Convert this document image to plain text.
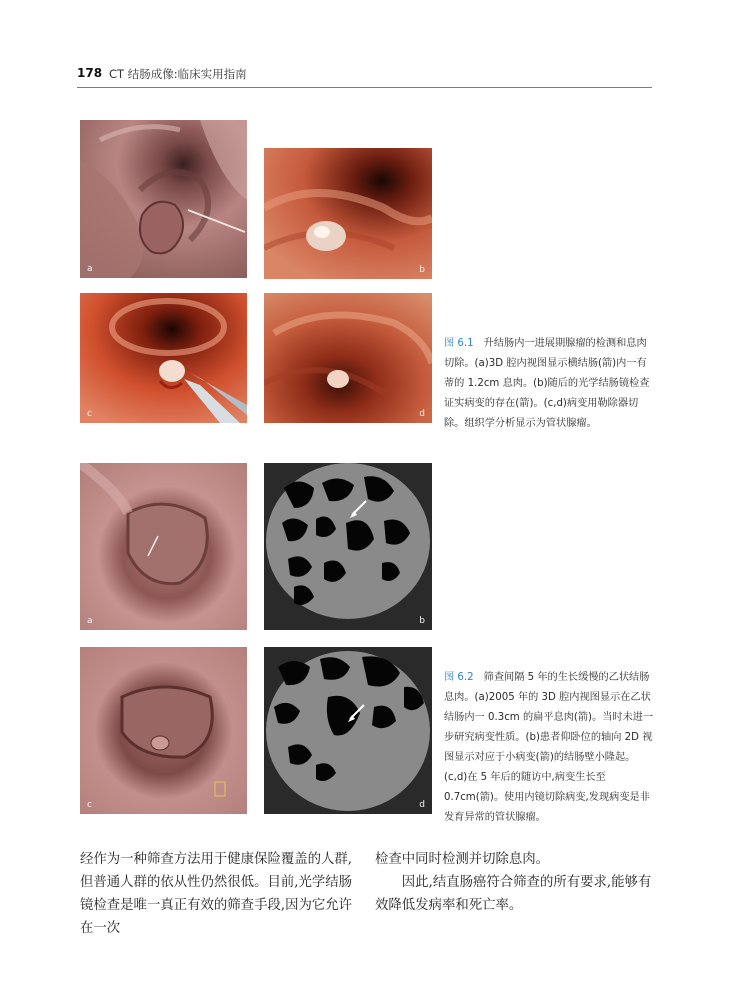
178 CT 结肠成像:临床实用指南
a	b
c	d
图 6.1 升结肠内一进展期腺瘤的检测和息肉切除。(a)3D 腔内视图显示横结肠(箭)内一有蒂的 1.2cm 息肉。(b)随后的光学结肠镜检查证实病变的存在(箭)。(c,d)病变用勒除器切除。组织学分析显示为管状腺瘤。
a	b
c	d
图 6.2 筛查间隔 5 年的生长缓慢的乙状结肠息肉。(a)2005 年的 3D 腔内视图显示在乙状结肠内一 0.3cm 的扁平息肉(箭)。当时未进一步研究病变性质。(b)患者仰卧位的轴向 2D 视图显示对应于小病变(箭)的结肠壁小隆起。(c,d)在 5 年后的随访中,病变生长至 0.7cm(箭)。使用内镜切除病变,发现病变是非发育异常的管状腺瘤。

经作为一种筛查方法用于健康保险覆盖的人群,但普通人群的依从性仍然很低。目前,光学结肠镜检查是唯一真正有效的筛查手段,因为它允许在一次

检查中同时检测并切除息肉。

因此,结直肠癌符合筛查的所有要求,能够有效降低发病率和死亡率。
